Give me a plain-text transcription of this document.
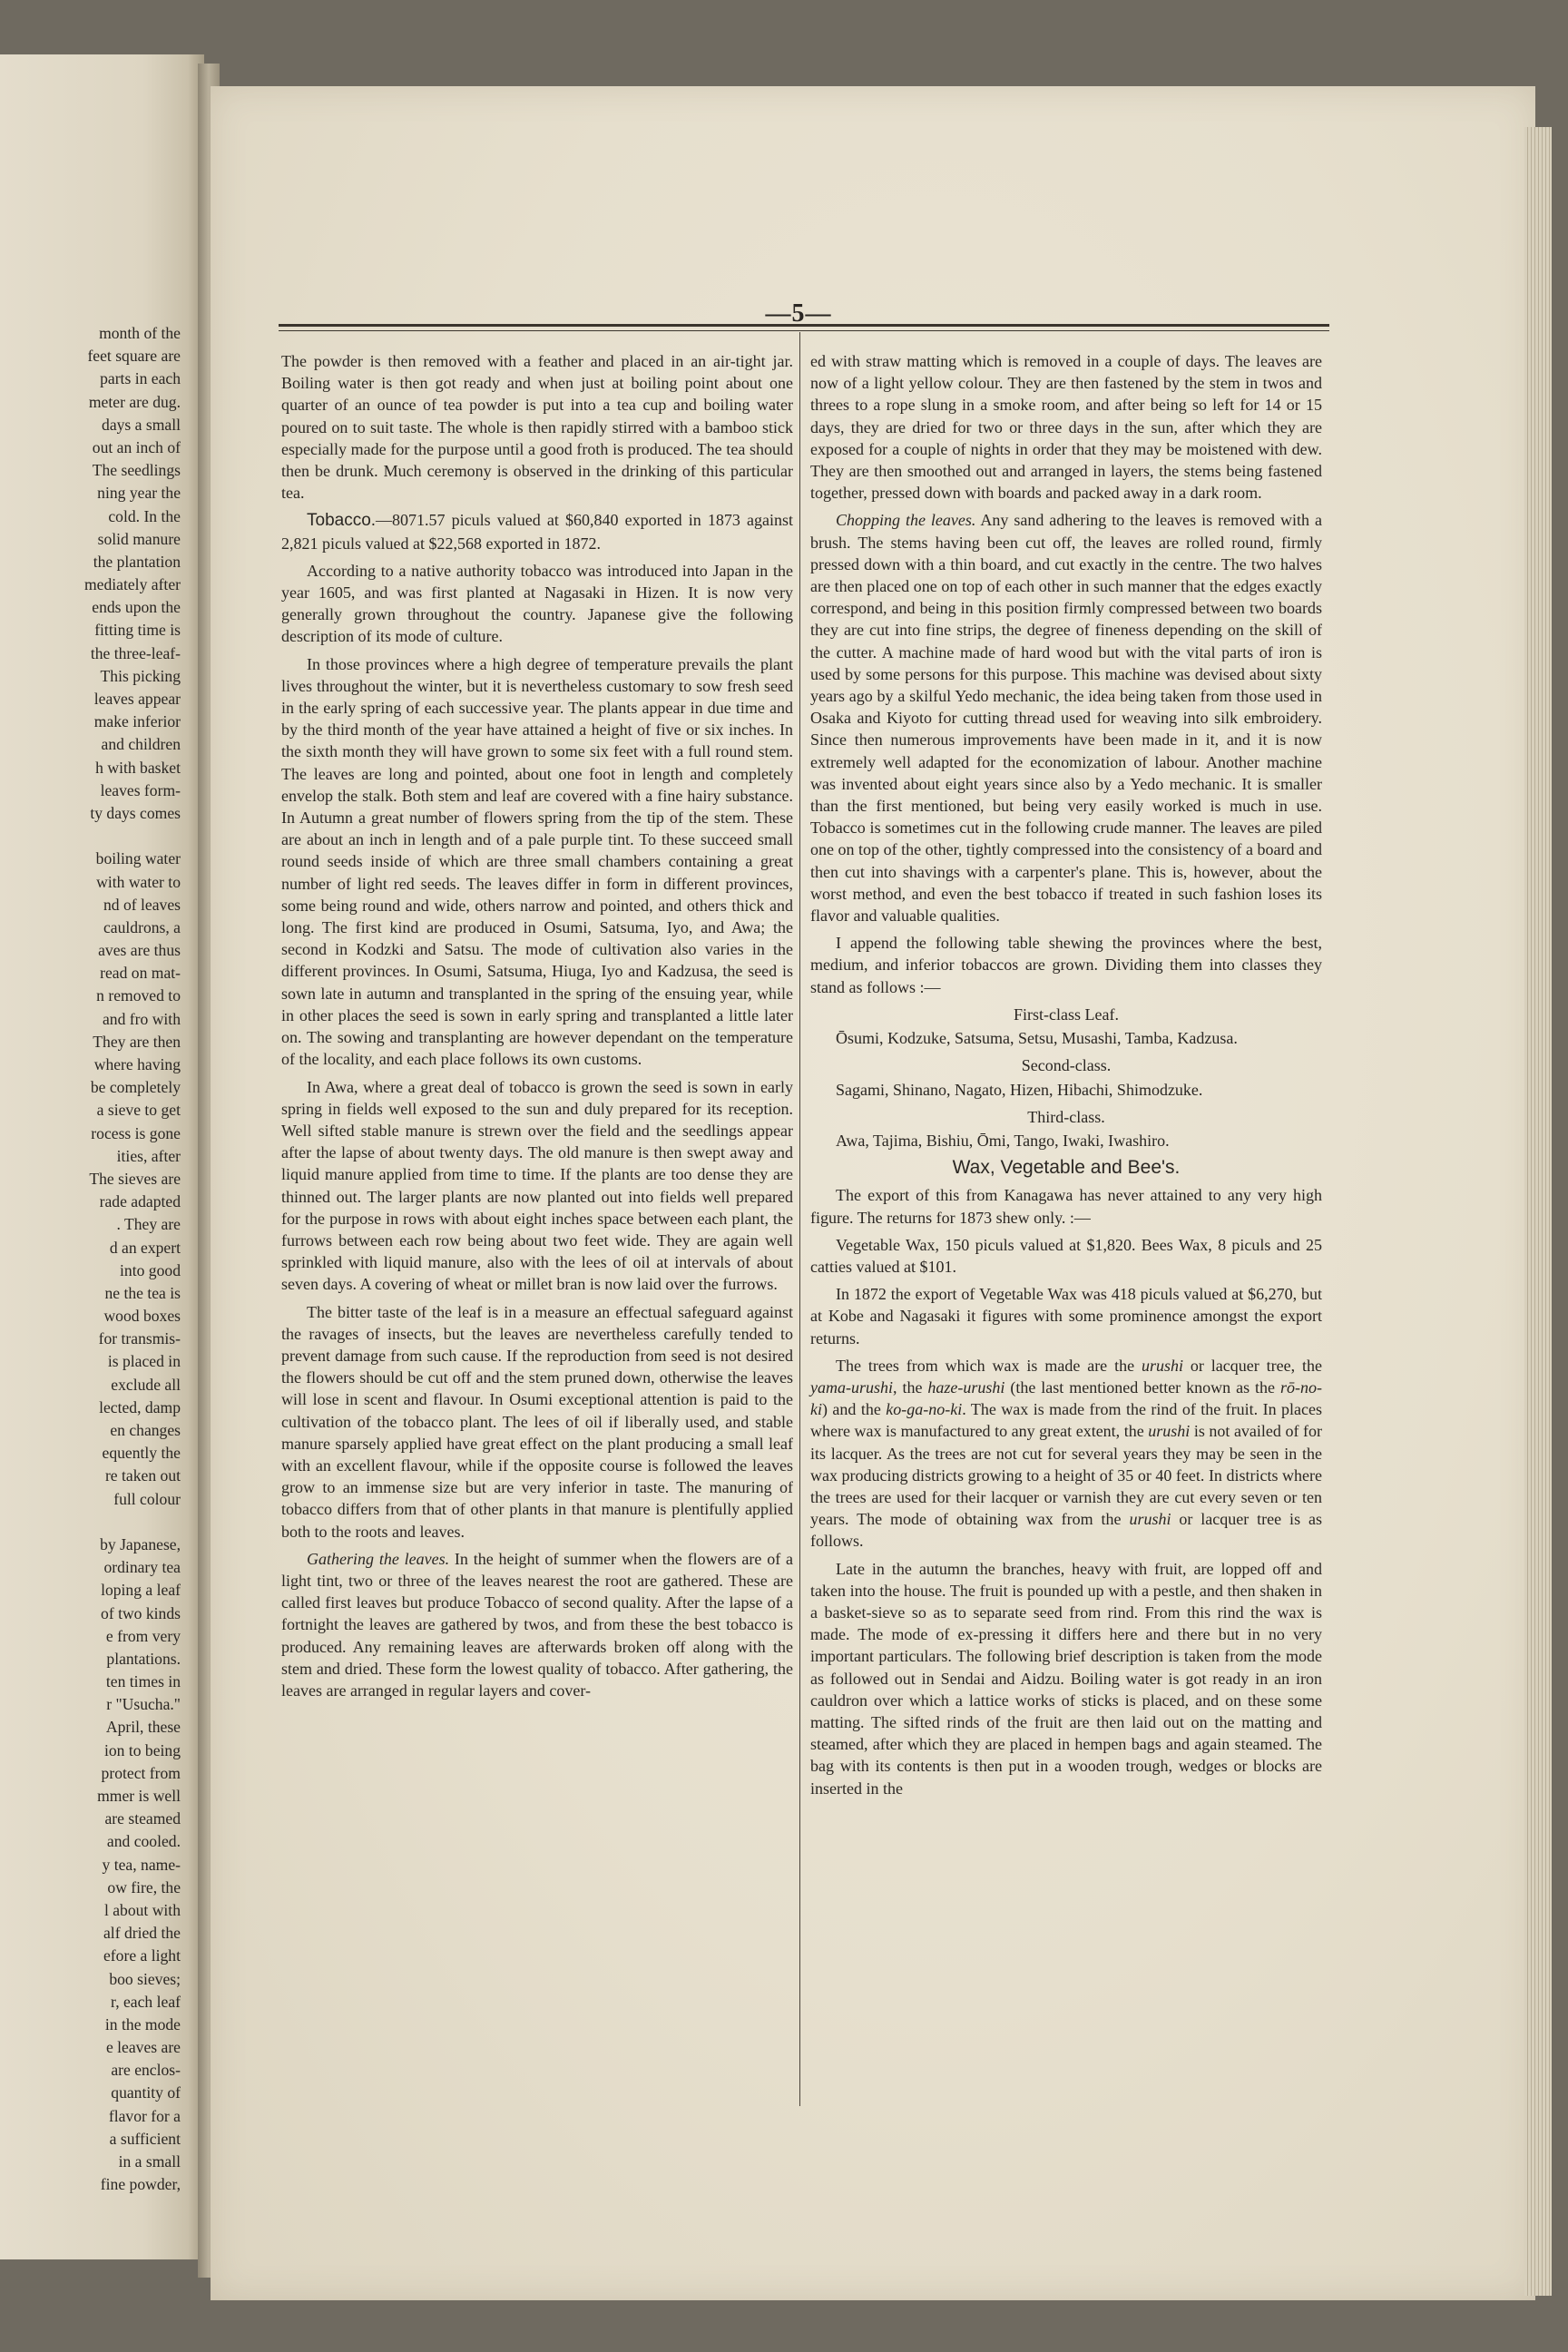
month of the
feet square are
parts in each
meter are dug.
days a small
out an inch of
The seedlings
ning year the
cold. In the
solid manure
the plantation
mediately after
ends upon the
fitting time is
the three-leaf-
This picking
leaves appear
make inferior
and children
h with basket
leaves form-
ty days comes
boiling water
with water to
nd of leaves
cauldrons, a
aves are thus
read on mat-
n removed to
and fro with
They are then
where having
be completely
a sieve to get
rocess is gone
ities, after
The sieves are
rade adapted
. They are
d an expert
into good
ne the tea is
wood boxes
for transmis-
is placed in
exclude all
lected, damp
en changes
equently the
re taken out
full colour
by Japanese,
ordinary tea
loping a leaf
of two kinds
e from very
plantations.
ten times in
r "Usucha."
April, these
ion to being
protect from
mmer is well
are steamed
and cooled.
y tea, name-
ow fire, the
l about with
alf dried the
efore a light
boo sieves;
r, each leaf
in the mode
e leaves are
are enclos-
quantity of
flavor for a
a sufficient
in a small
fine powder,
—5—

The powder is then removed with a feather and placed in an air-tight jar. Boiling water is then got ready and when just at boiling point about one quarter of an ounce of tea powder is put into a tea cup and boiling water poured on to suit taste. The whole is then rapidly stirred with a bamboo stick especially made for the purpose until a good froth is produced. The tea should then be drunk. Much ceremony is observed in the drinking of this particular tea.

Tobacco.—8071.57 piculs valued at $60,840 exported in 1873 against 2,821 piculs valued at $22,568 exported in 1872.

According to a native authority tobacco was introduced into Japan in the year 1605, and was first planted at Nagasaki in Hizen. It is now very generally grown throughout the country. Japanese give the following description of its mode of culture.

In those provinces where a high degree of temperature prevails the plant lives throughout the winter, but it is nevertheless customary to sow fresh seed in the early spring of each successive year. The plants appear in due time and by the third month of the year have attained a height of five or six inches. In the sixth month they will have grown to some six feet with a full round stem. The leaves are long and pointed, about one foot in length and completely envelop the stalk. Both stem and leaf are covered with a fine hairy substance. In Autumn a great number of flowers spring from the tip of the stem. These are about an inch in length and of a pale purple tint. To these succeed small round seeds inside of which are three small chambers containing a great number of light red seeds. The leaves differ in form in different provinces, some being round and wide, others narrow and pointed, and others thick and long. The first kind are produced in Osumi, Satsuma, Iyo, and Awa; the second in Kodzki and Satsu. The mode of cultivation also varies in the different provinces. In Osumi, Satsuma, Hiuga, Iyo and Kadzusa, the seed is sown late in autumn and transplanted in the spring of the ensuing year, while in other places the seed is sown in early spring and transplanted a little later on. The sowing and transplanting are however dependant on the temperature of the locality, and each place follows its own customs.

In Awa, where a great deal of tobacco is grown the seed is sown in early spring in fields well exposed to the sun and duly prepared for its reception. Well sifted stable manure is strewn over the field and the seedlings appear after the lapse of about twenty days. The old manure is then swept away and liquid manure applied from time to time. If the plants are too dense they are thinned out. The larger plants are now planted out into fields well prepared for the purpose in rows with about eight inches space between each plant, the furrows between each row being about two feet wide. They are again well sprinkled with liquid manure, also with the lees of oil at intervals of about seven days. A covering of wheat or millet bran is now laid over the furrows.

The bitter taste of the leaf is in a measure an effectual safeguard against the ravages of insects, but the leaves are nevertheless carefully tended to prevent damage from such cause. If the reproduction from seed is not desired the flowers should be cut off and the stem pruned down, otherwise the leaves will lose in scent and flavour. In Osumi exceptional attention is paid to the cultivation of the tobacco plant. The lees of oil if liberally used, and stable manure sparsely applied have great effect on the plant producing a small leaf with an excellent flavour, while if the opposite course is followed the leaves grow to an immense size but are very inferior in taste. The manuring of tobacco differs from that of other plants in that manure is plentifully applied both to the roots and leaves.

Gathering the leaves. In the height of summer when the flowers are of a light tint, two or three of the leaves nearest the root are gathered. These are called first leaves but produce Tobacco of second quality. After the lapse of a fortnight the leaves are gathered by twos, and from these the best tobacco is produced. Any remaining leaves are afterwards broken off along with the stem and dried. These form the lowest quality of tobacco. After gathering, the leaves are arranged in regular layers and cover-

ed with straw matting which is removed in a couple of days. The leaves are now of a light yellow colour. They are then fastened by the stem in twos and threes to a rope slung in a smoke room, and after being so left for 14 or 15 days, they are dried for two or three days in the sun, after which they are exposed for a couple of nights in order that they may be moistened with dew. They are then smoothed out and arranged in layers, the stems being fastened together, pressed down with boards and packed away in a dark room.

Chopping the leaves. Any sand adhering to the leaves is removed with a brush. The stems having been cut off, the leaves are rolled round, firmly pressed down with a thin board, and cut exactly in the centre. The two halves are then placed one on top of each other in such manner that the edges exactly correspond, and being in this position firmly compressed between two boards they are cut into fine strips, the degree of fineness depending on the skill of the cutter. A machine made of hard wood but with the vital parts of iron is used by some persons for this purpose. This machine was devised about sixty years ago by a skilful Yedo mechanic, the idea being taken from those used in Osaka and Kiyoto for cutting thread used for weaving into silk embroidery. Since then numerous improvements have been made in it, and it is now extremely well adapted for the economization of labour. Another machine was invented about eight years since also by a Yedo mechanic. It is smaller than the first mentioned, but being very easily worked is much in use. Tobacco is sometimes cut in the following crude manner. The leaves are piled one on top of the other, tightly compressed into the consistency of a board and then cut into shavings with a carpenter's plane. This is, however, about the worst method, and even the best tobacco if treated in such fashion loses its flavor and valuable qualities.

I append the following table shewing the provinces where the best, medium, and inferior tobaccos are grown. Dividing them into classes they stand as follows :—

First-class Leaf.

Ōsumi, Kodzuke, Satsuma, Setsu, Musashi, Tamba, Kadzusa.

Second-class.

Sagami, Shinano, Nagato, Hizen, Hibachi, Shimodzuke.

Third-class.

Awa, Tajima, Bishiu, Ōmi, Tango, Iwaki, Iwashiro.

Wax, Vegetable and Bee's.

The export of this from Kanagawa has never attained to any very high figure. The returns for 1873 shew only. :—

Vegetable Wax, 150 piculs valued at $1,820. Bees Wax, 8 piculs and 25 catties valued at $101.

In 1872 the export of Vegetable Wax was 418 piculs valued at $6,270, but at Kobe and Nagasaki it figures with some prominence amongst the export returns.

The trees from which wax is made are the urushi or lacquer tree, the yama-urushi, the haze-urushi (the last mentioned better known as the rō-no-ki) and the ko-ga-no-ki. The wax is made from the rind of the fruit. In places where wax is manufactured to any great extent, the urushi is not availed of for its lacquer. As the trees are not cut for several years they may be seen in the wax producing districts growing to a height of 35 or 40 feet. In districts where the trees are used for their lacquer or varnish they are cut every seven or ten years. The mode of obtaining wax from the urushi or lacquer tree is as follows.

Late in the autumn the branches, heavy with fruit, are lopped off and taken into the house. The fruit is pounded up with a pestle, and then shaken in a basket-sieve so as to separate seed from rind. From this rind the wax is made. The mode of ex-pressing it differs here and there but in no very important particulars. The following brief description is taken from the mode as followed out in Sendai and Aidzu. Boiling water is got ready in an iron cauldron over which a lattice works of sticks is placed, and on these some matting. The sifted rinds of the fruit are then laid out on the matting and steamed, after which they are placed in hempen bags and again steamed. The bag with its contents is then put in a wooden trough, wedges or blocks are inserted in the
